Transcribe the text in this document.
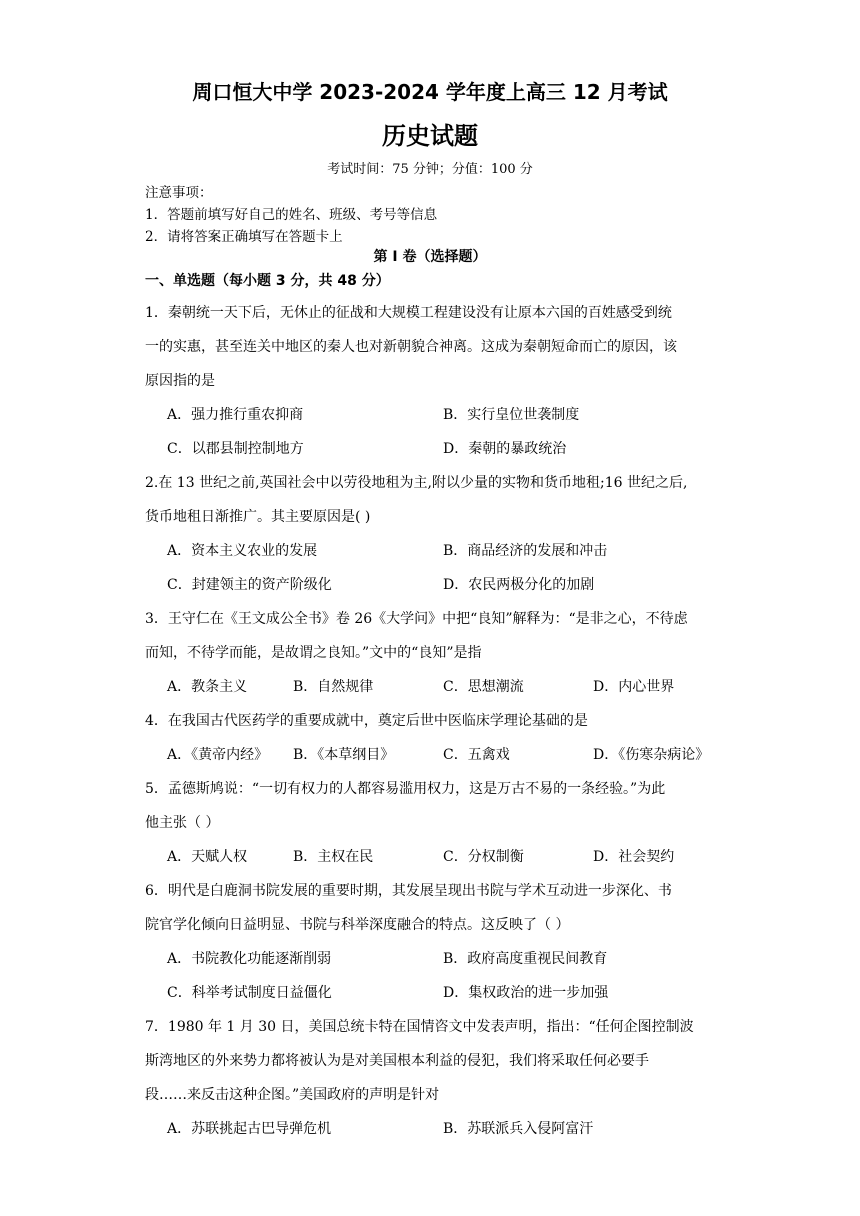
周口恒大中学 2023-2024 学年度上高三 12 月考试
历史试题
考试时间：75 分钟；分值：100 分
注意事项：
1．答题前填写好自己的姓名、班级、考号等信息
2．请将答案正确填写在答题卡上
第 I 卷（选择题）
一、单选题（每小题 3 分，共 48 分）

1．秦朝统一天下后，无休止的征战和大规模工程建设没有让原本六国的百姓感受到统

一的实惠，甚至连关中地区的秦人也对新朝貌合神离。这成为秦朝短命而亡的原因，该

原因指的是

A．强力推行重农抑商	B．实行皇位世袭制度
C．以郡县制控制地方	D．秦朝的暴政统治

2.在 13 世纪之前,英国社会中以劳役地租为主,附以少量的实物和货币地租;16 世纪之后,

货币地租日渐推广。其主要原因是( )

A．资本主义农业的发展	B．商品经济的发展和冲击
C．封建领主的资产阶级化	D．农民两极分化的加剧

3．王守仁在《王文成公全书》卷 26《大学问》中把“良知”解释为：“是非之心，不待虑

而知，不待学而能，是故谓之良知。”文中的“良知”是指

A．教条主义	B．自然规律	C．思想潮流	D．内心世界

4．在我国古代医药学的重要成就中，奠定后世中医临床学理论基础的是

A．《黄帝内经》 B．《本草纲目》	C．五禽戏	D．《伤寒杂病论》

5．孟德斯鸠说：“一切有权力的人都容易滥用权力，这是万古不易的一条经验。”为此

他主张（ ）

A．天赋人权	B．主权在民	C．分权制衡	D．社会契约

6．明代是白鹿洞书院发展的重要时期，其发展呈现出书院与学术互动进一步深化、书

院官学化倾向日益明显、书院与科举深度融合的特点。这反映了（ ）

A．书院教化功能逐渐削弱	B．政府高度重视民间教育
C．科举考试制度日益僵化	D．集权政治的进一步加强

7．1980 年 1 月 30 日，美国总统卡特在国情咨文中发表声明，指出：“任何企图控制波

斯湾地区的外来势力都将被认为是对美国根本利益的侵犯，我们将采取任何必要手

段……来反击这种企图。”美国政府的声明是针对

A．苏联挑起古巴导弹危机	B．苏联派兵入侵阿富汗
